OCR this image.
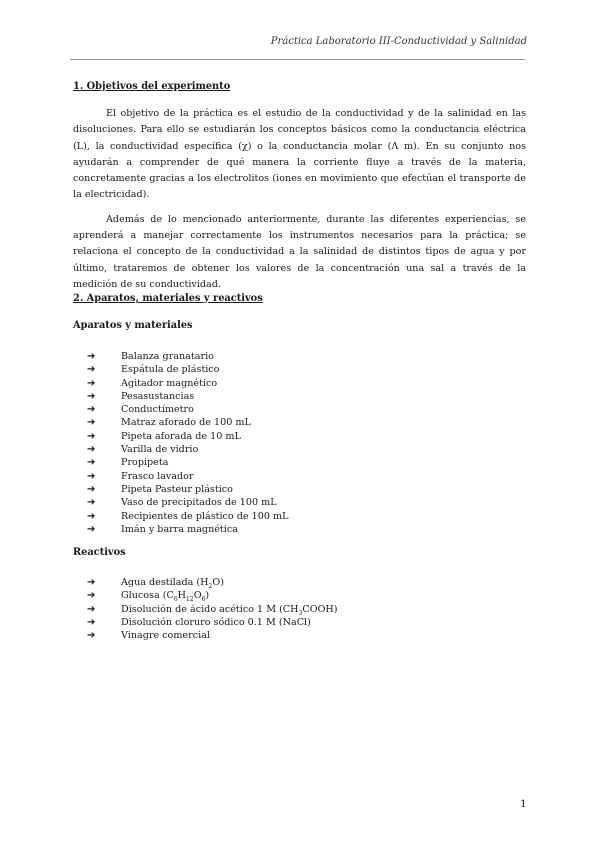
Práctica Laboratorio III-Conductividad y Salinidad
1. Objetivos del experimento

El objetivo de la práctica es el estudio de la conductividad y de la salinidad en las disoluciones. Para ello se estudiarán los conceptos básicos como la conductancia eléctrica (L), la conductividad específica (χ) o la conductancia molar (Λ m). En su conjunto nos ayudarán a comprender de qué manera la corriente fluye a través de la materia, concretamente gracias a los electrolitos (iones en movimiento que efectúan el transporte de la electricidad).

Además de lo mencionado anteriormente, durante las diferentes experiencias, se aprenderá a manejar correctamente los instrumentos necesarios para la práctica; se relaciona el concepto de la conductividad a la salinidad de distintos tipos de agua y por último, trataremos de obtener los valores de la concentración una sal a través de la medición de su conductividad.

2. Aparatos, materiales y reactivos
Aparatos y materiales
➔	Balanza granatario
➔	Espátula de plástico
➔	Agitador magnético
➔	Pesasustancias
➔	Conductímetro
➔	Matraz aforado de 100 mL
➔	Pipeta aforada de 10 mL
➔	Varilla de vidrio
➔	Propipeta
➔	Frasco lavador
➔	Pipeta Pasteur plástico
➔	Vaso de precipitados de 100 mL
➔	Recipientes de plástico de 100 mL
➔	Imán y barra magnética
Reactivos
➔	Agua destilada $(H_2O)$
➔	Glucosa $(C_6H_{12}O_6)$
➔	Disolución de ácido acético 1 M $(CH_3COOH)$
➔	Disolución cloruro sódico 0.1 M (NaCl)
➔	Vinagre comercial
1
